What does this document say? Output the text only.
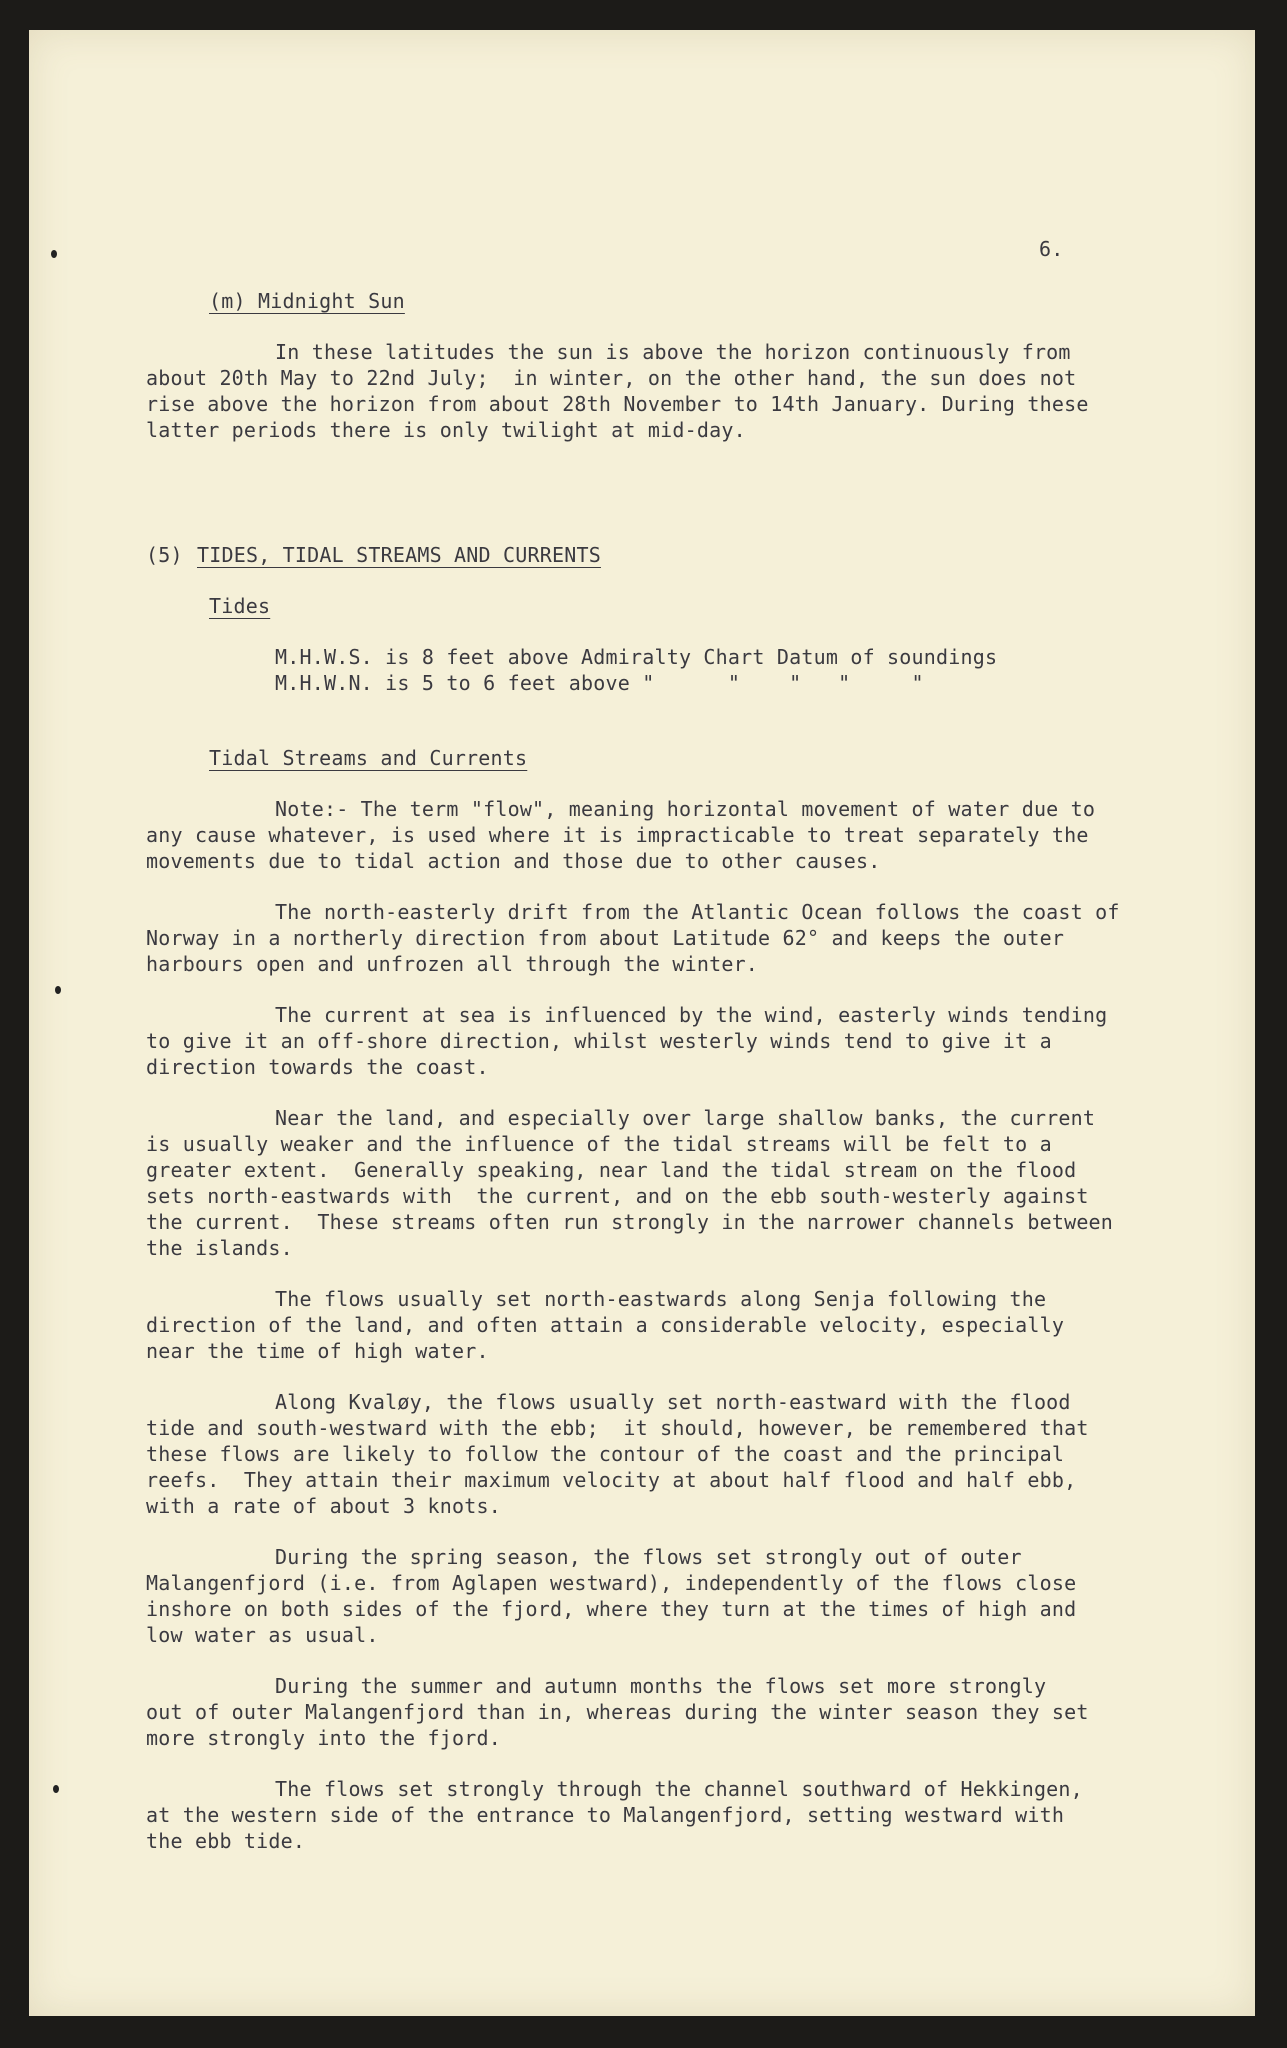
6.
(m) Midnight Sun
In these latitudes the sun is above the horizon continuously from
about 20th May to 22nd July;  in winter, on the other hand, the sun does not
rise above the horizon from about 28th November to 14th January. During these
latter periods there is only twilight at mid-day.
(5) TIDES, TIDAL STREAMS AND CURRENTS
Tides
M.H.W.S. is 8 feet above Admiralty Chart Datum of soundings
M.H.W.N. is 5 to 6 feet above "      "    "   "     "
Tidal Streams and Currents
Note:- The term "flow", meaning horizontal movement of water due to
any cause whatever, is used where it is impracticable to treat separately the
movements due to tidal action and those due to other causes.
The north-easterly drift from the Atlantic Ocean follows the coast of
Norway in a northerly direction from about Latitude 62° and keeps the outer
harbours open and unfrozen all through the winter.
The current at sea is influenced by the wind, easterly winds tending
to give it an off-shore direction, whilst westerly winds tend to give it a
direction towards the coast.
Near the land, and especially over large shallow banks, the current
is usually weaker and the influence of the tidal streams will be felt to a
greater extent.  Generally speaking, near land the tidal stream on the flood
sets north-eastwards with  the current, and on the ebb south-westerly against
the current.  These streams often run strongly in the narrower channels between
the islands.
The flows usually set north-eastwards along Senja following the
direction of the land, and often attain a considerable velocity, especially
near the time of high water.
Along Kvaløy, the flows usually set north-eastward with the flood
tide and south-westward with the ebb;  it should, however, be remembered that
these flows are likely to follow the contour of the coast and the principal
reefs.  They attain their maximum velocity at about half flood and half ebb,
with a rate of about 3 knots.
During the spring season, the flows set strongly out of outer
Malangenfjord (i.e. from Aglapen westward), independently of the flows close
inshore on both sides of the fjord, where they turn at the times of high and
low water as usual.
During the summer and autumn months the flows set more strongly
out of outer Malangenfjord than in, whereas during the winter season they set
more strongly into the fjord.
The flows set strongly through the channel southward of Hekkingen,
at the western side of the entrance to Malangenfjord, setting westward with
the ebb tide.
